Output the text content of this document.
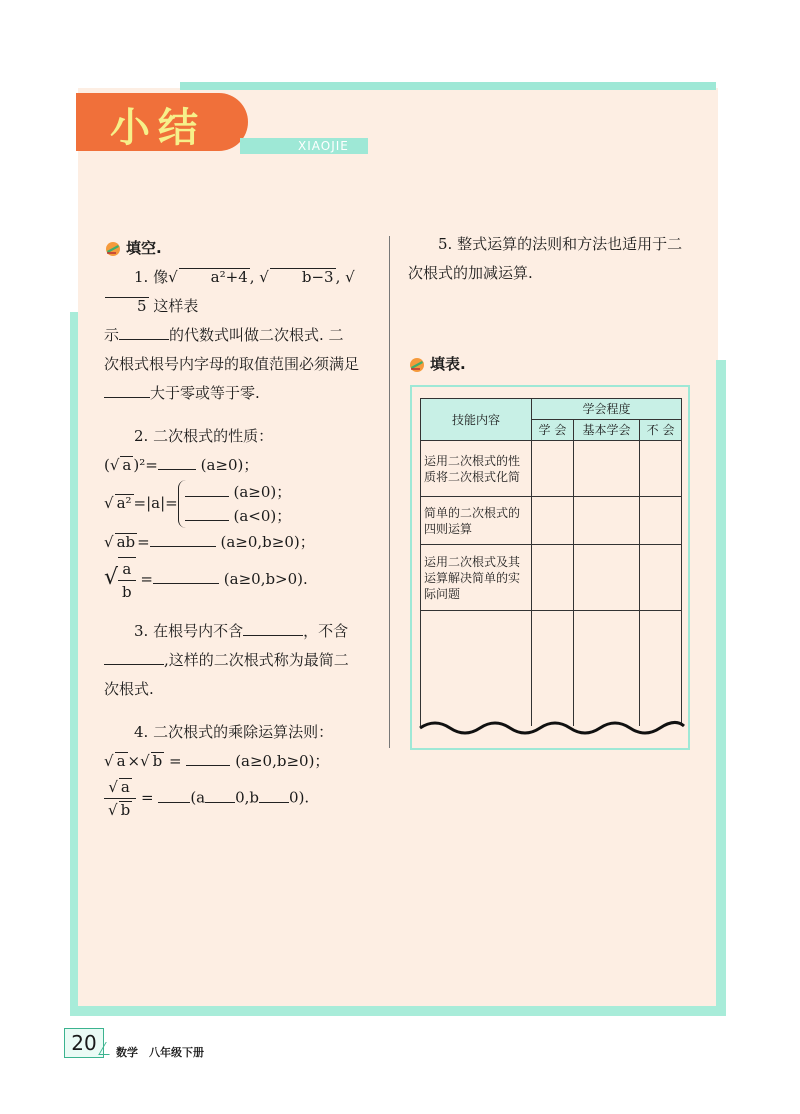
小结	XIAOJIE
填空.

1. 像√ a²+4 , √ b−3 , √5 这样表

示	的代数式叫做二次根式. 二

次根式根号内字母的取值范围必须满足

大于零或等于零.

2. 二次根式的性质：

(√ a )²=	(a≥0)；

√ a² =|a|= (a≥0)；
(a<0)；

√ ab =	(a≥0,b≥0)；

√ $\frac{a}{b}$ =	(a≥0,b>0).

3. 在根号内不含	，不含

,这样的二次根式称为最简二

次根式.

4. 二次根式的乘除运算法则：

√ a ×√ b =	(a≥0,b≥0)；

$\frac{√ a}{√ b} = (a$ 0,b 0).

5. 整式运算的法则和方法也适用于二

次根式的加减运算.

填表.
技能内容	学会程度		
	学 会	基本学会	不 会
运用二次根式的性质将二次根式化简			
简单的二次根式的四则运算			
运用二次根式及其运算解决简单的实际问题			

20	数学　八年级下册
